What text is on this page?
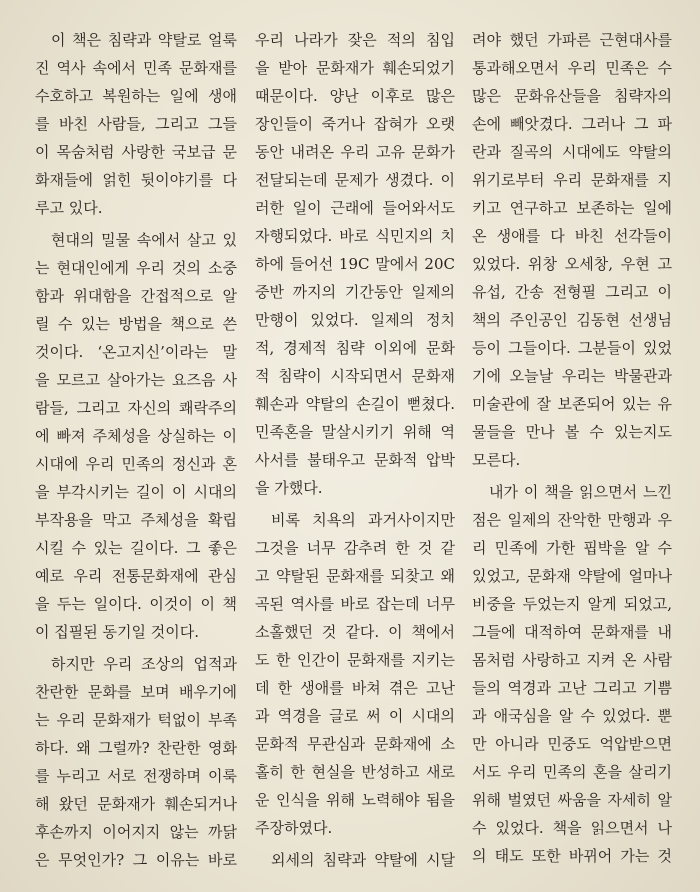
이 책은 침략과 약탈로 얼룩
진 역사 속에서 민족 문화재를
수호하고 복원하는 일에 생애
를 바친 사람들, 그리고 그들
이 목숨처럼 사랑한 국보급 문
화재들에 얽힌 뒷이야기를 다
루고 있다.
현대의 밀물 속에서 살고 있
는 현대인에게 우리 것의 소중
함과 위대함을 간접적으로 알
릴 수 있는 방법을 책으로 쓴
것이다. ‘온고지신’이라는 말
을 모르고 살아가는 요즈음 사
람들, 그리고 자신의 쾌락주의
에 빠져 주체성을 상실하는 이
시대에 우리 민족의 정신과 혼
을 부각시키는 길이 이 시대의
부작용을 막고 주체성을 확립
시킬 수 있는 길이다. 그 좋은
예로 우리 전통문화재에 관심
을 두는 일이다. 이것이 이 책
이 집필된 동기일 것이다.
하지만 우리 조상의 업적과
찬란한 문화를 보며 배우기에
는 우리 문화재가 턱없이 부족
하다. 왜 그럴까? 찬란한 영화
를 누리고 서로 전쟁하며 이룩
해 왔던 문화재가 훼손되거나
후손까지 이어지지 않는 까닭
은 무엇인가? 그 이유는 바로
우리 나라가 잦은 적의 침입
을 받아 문화재가 훼손되었기
때문이다. 양난 이후로 많은
장인들이 죽거나 잡혀가 오랫
동안 내려온 우리 고유 문화가
전달되는데 문제가 생겼다. 이
러한 일이 근래에 들어와서도
자행되었다. 바로 식민지의 치
하에 들어선 19C 말에서 20C
중반 까지의 기간동안 일제의
만행이 있었다. 일제의 정치
적, 경제적 침략 이외에 문화
적 침략이 시작되면서 문화재
훼손과 약탈의 손길이 뻗쳤다.
민족혼을 말살시키기 위해 역
사서를 불태우고 문화적 압박
을 가했다.
비록 치욕의 과거사이지만
그것을 너무 감추려 한 것 같
고 약탈된 문화재를 되찾고 왜
곡된 역사를 바로 잡는데 너무
소홀했던 것 같다. 이 책에서
도 한 인간이 문화재를 지키는
데 한 생애를 바쳐 겪은 고난
과 역경을 글로 써 이 시대의
문화적 무관심과 문화재에 소
홀히 한 현실을 반성하고 새로
운 인식을 위해 노력해야 됨을
주장하였다.
외세의 침략과 약탈에 시달
려야 했던 가파른 근현대사를
통과해오면서 우리 민족은 수
많은 문화유산들을 침략자의
손에 빼앗겼다. 그러나 그 파
란과 질곡의 시대에도 약탈의
위기로부터 우리 문화재를 지
키고 연구하고 보존하는 일에
온 생애를 다 바친 선각들이
있었다. 위창 오세창, 우현 고
유섭, 간송 전형필 그리고 이
책의 주인공인 김동현 선생님
등이 그들이다. 그분들이 있었
기에 오늘날 우리는 박물관과
미술관에 잘 보존되어 있는 유
물들을 만나 볼 수 있는지도
모른다.
내가 이 책을 읽으면서 느낀
점은 일제의 잔악한 만행과 우
리 민족에 가한 핍박을 알 수
있었고, 문화재 약탈에 얼마나
비중을 두었는지 알게 되었고,
그들에 대적하여 문화재를 내
몸처럼 사랑하고 지켜 온 사람
들의 역경과 고난 그리고 기쁨
과 애국심을 알 수 있었다. 뿐
만 아니라 민중도 억압받으면
서도 우리 민족의 혼을 살리기
위해 벌였던 싸움을 자세히 알
수 있었다. 책을 읽으면서 나
의 태도 또한 바뀌어 가는 것
